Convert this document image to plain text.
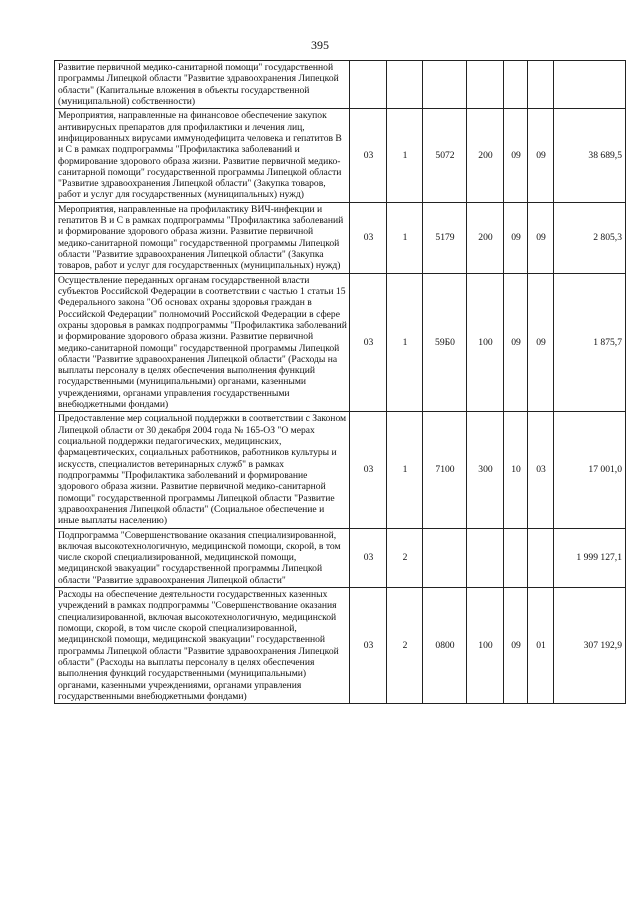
395
Развитие первичной медико-санитарной помощи" государственной программы Липецкой области "Развитие здравоохранения Липецкой области" (Капитальные вложения в объекты государственной (муниципальной) собственности)							
Мероприятия, направленные на финансовое обеспечение закупок антивирусных препаратов для профилактики и лечения лиц, инфицированных вирусами иммунодефицита человека и гепатитов В и С в рамках подпрограммы "Профилактика заболеваний и формирование здорового образа жизни. Развитие первичной медико-санитарной помощи" государственной программы Липецкой области "Развитие здравоохранения Липецкой области" (Закупка товаров, работ и услуг для государственных (муниципальных) нужд)	03	1	5072	200	09	09	38 689,5
Мероприятия, направленные на профилактику ВИЧ-инфекции и гепатитов В и С в рамках подпрограммы "Профилактика заболеваний и формирование здорового образа жизни. Развитие первичной медико-санитарной помощи" государственной программы Липецкой области "Развитие здравоохранения Липецкой области" (Закупка товаров, работ и услуг для государственных (муниципальных) нужд)	03	1	5179	200	09	09	2 805,3
Осуществление переданных органам государственной власти субъектов Российской Федерации в соответствии с частью 1 статьи 15 Федерального закона "Об основах охраны здоровья граждан в Российской Федерации" полномочий Российской Федерации в сфере охраны здоровья в рамках подпрограммы "Профилактика заболеваний и формирование здорового образа жизни. Развитие первичной медико-санитарной помощи" государственной программы Липецкой области "Развитие здравоохранения Липецкой области" (Расходы на выплаты персоналу в целях обеспечения выполнения функций государственными (муниципальными) органами, казенными учреждениями, органами управления государственными внебюджетными фондами)	03	1	59Б0	100	09	09	1 875,7
Предоставление мер социальной поддержки в соответствии с Законом Липецкой области от 30 декабря 2004 года № 165-ОЗ "О мерах социальной поддержки педагогических, медицинских, фармацевтических, социальных работников, работников культуры и искусств, специалистов ветеринарных служб" в рамках подпрограммы "Профилактика заболеваний и формирование здорового образа жизни. Развитие первичной медико-санитарной помощи" государственной программы Липецкой области "Развитие здравоохранения Липецкой области" (Социальное обеспечение и иные выплаты населению)	03	1	7100	300	10	03	17 001,0
Подпрограмма "Совершенствование оказания специализированной, включая высокотехнологичную, медицинской помощи, скорой, в том числе скорой специализированной, медицинской помощи, медицинской эвакуации" государственной программы Липецкой области "Развитие здравоохранения Липецкой области"	03	2					1 999 127,1
Расходы на обеспечение деятельности государственных казенных учреждений в рамках подпрограммы "Совершенствование оказания специализированной, включая высокотехнологичную, медицинской помощи, скорой, в том числе скорой специализированной, медицинской помощи, медицинской эвакуации" государственной программы Липецкой области "Развитие здравоохранения Липецкой области" (Расходы на выплаты персоналу в целях обеспечения выполнения функций государственными (муниципальными) органами, казенными учреждениями, органами управления государственными внебюджетными фондами)	03	2	0800	100	09	01	307 192,9
